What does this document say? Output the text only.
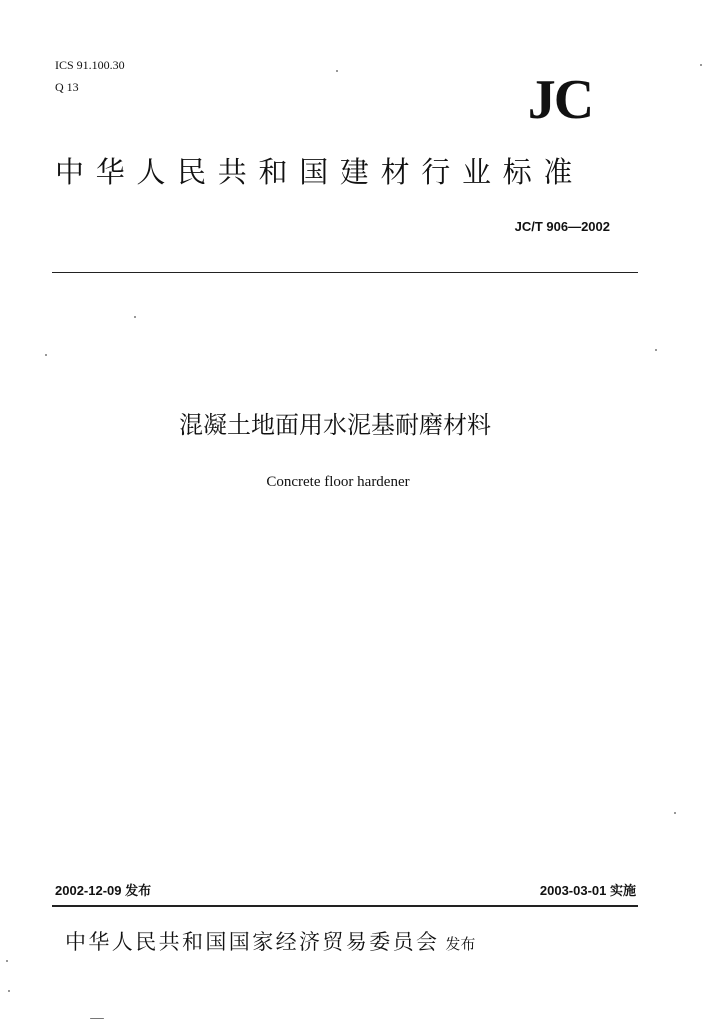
ICS 91.100.30
Q 13	JC
中华人民共和国建材行业标准
JC/T 906—2002
混凝土地面用水泥基耐磨材料
Concrete floor hardener
2002-12-09 发布	2003-03-01 实施
中华人民共和国国家经济贸易委员会 发布
